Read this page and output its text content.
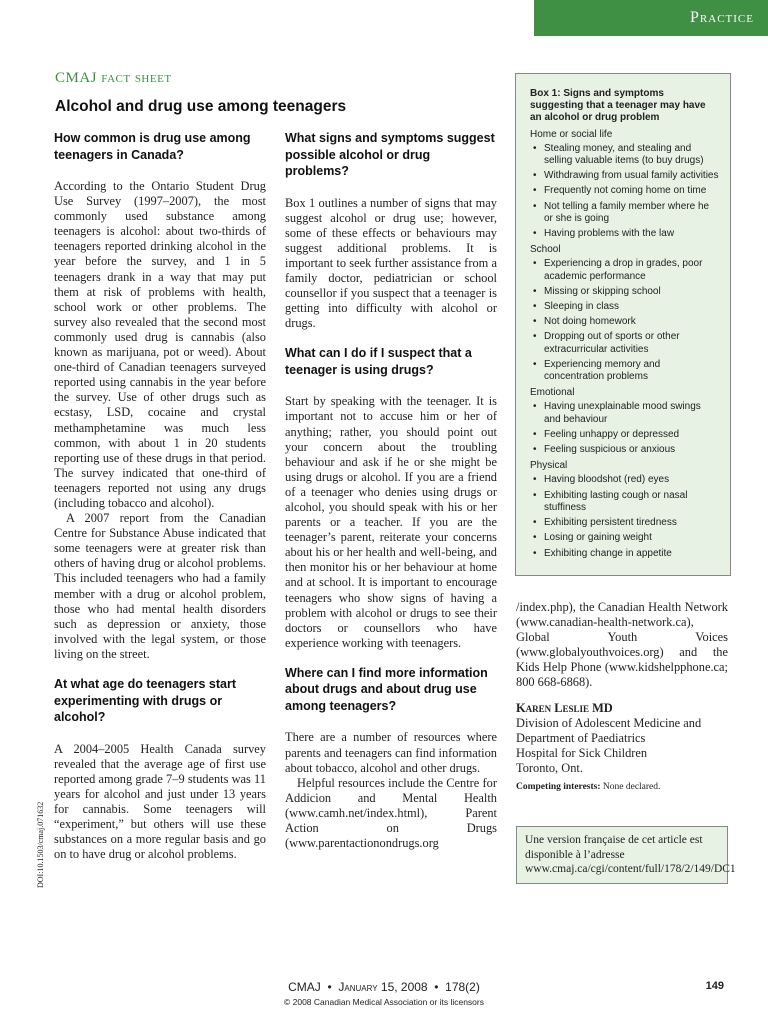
Practice
CMAJ fact sheet
Alcohol and drug use among teenagers
How common is drug use among teenagers in Canada?

According to the Ontario Student Drug Use Survey (1997–2007), the most commonly used substance among teenagers is alcohol: about two-thirds of teenagers reported drinking alcohol in the year before the survey, and 1 in 5 teenagers drank in a way that may put them at risk of problems with health, school work or other problems. The survey also revealed that the second most commonly used drug is cannabis (also known as marijuana, pot or weed). About one-third of Canadian teenagers surveyed reported using cannabis in the year before the survey. Use of other drugs such as ecstasy, LSD, cocaine and crystal methamphetamine was much less common, with about 1 in 20 students reporting use of these drugs in that period. The survey indicated that one-third of teenagers reported not using any drugs (including tobacco and alcohol).

A 2007 report from the Canadian Centre for Substance Abuse indicated that some teenagers were at greater risk than others of having drug or alcohol problems. This included teenagers who had a family member with a drug or alcohol problem, those who had mental health disorders such as depression or anxiety, those involved with the legal system, or those living on the street.

At what age do teenagers start experimenting with drugs or alcohol?

A 2004–2005 Health Canada survey revealed that the average age of first use reported among grade 7–9 students was 11 years for alcohol and just under 13 years for cannabis. Some teenagers will “experiment,” but others will use these substances on a more regular basis and go on to have drug or alcohol problems.

What signs and symptoms suggest possible alcohol or drug problems?

Box 1 outlines a number of signs that may suggest alcohol or drug use; however, some of these effects or behaviours may suggest additional problems. It is important to seek further assistance from a family doctor, pediatrician or school counsellor if you suspect that a teenager is getting into difficulty with alcohol or drugs.

What can I do if I suspect that a teenager is using drugs?

Start by speaking with the teenager. It is important not to accuse him or her of anything; rather, you should point out your concern about the troubling behaviour and ask if he or she might be using drugs or alcohol. If you are a friend of a teenager who denies using drugs or alcohol, you should speak with his or her parents or a teacher. If you are the teenager’s parent, reiterate your concerns about his or her health and well-being, and then monitor his or her behaviour at home and at school. It is important to encourage teenagers who show signs of having a problem with alcohol or drugs to see their doctors or counsellors who have experience working with teenagers.

Where can I find more information about drugs and about drug use among teenagers?

There are a number of resources where parents and teenagers can find information about tobacco, alcohol and other drugs.

Helpful resources include the Centre for Addicion and Mental Health (www.camh.net/index.html), Parent Action on Drugs (www.parentactionondrugs.org

Box 1: Signs and symptoms suggesting that a teenager may have an alcohol or drug problem

Home or social life
• Stealing money, and stealing and selling valuable items (to buy drugs)
• Withdrawing from usual family activities
• Frequently not coming home on time
• Not telling a family member where he or she is going
• Having problems with the law
School
• Experiencing a drop in grades, poor academic performance
• Missing or skipping school
• Sleeping in class
• Not doing homework
• Dropping out of sports or other extracurricular activities
• Experiencing memory and concentration problems
Emotional
• Having unexplainable mood swings and behaviour
• Feeling unhappy or depressed
• Feeling suspicious or anxious
Physical
• Having bloodshot (red) eyes
• Exhibiting lasting cough or nasal stuffiness
• Exhibiting persistent tiredness
• Losing or gaining weight
• Exhibiting change in appetite

/index.php), the Canadian Health Network (www.canadian-health-network.ca), Global Youth Voices (www.globalyouthvoices.org) and the Kids Help Phone (www.kidshelpphone.ca; 800 668-6868).

Karen Leslie MD
Division of Adolescent Medicine and
Department of Paediatrics
Hospital for Sick Children
Toronto, Ont.

Competing interests: None declared.

Une version française de cet article est disponible à l’adresse www.cmaj.ca/cgi/content/full/178/2/149/DC1
DOI:10.1503/cmaj.071632
CMAJ • January 15, 2008 • 178(2)	149
© 2008 Canadian Medical Association or its licensors
